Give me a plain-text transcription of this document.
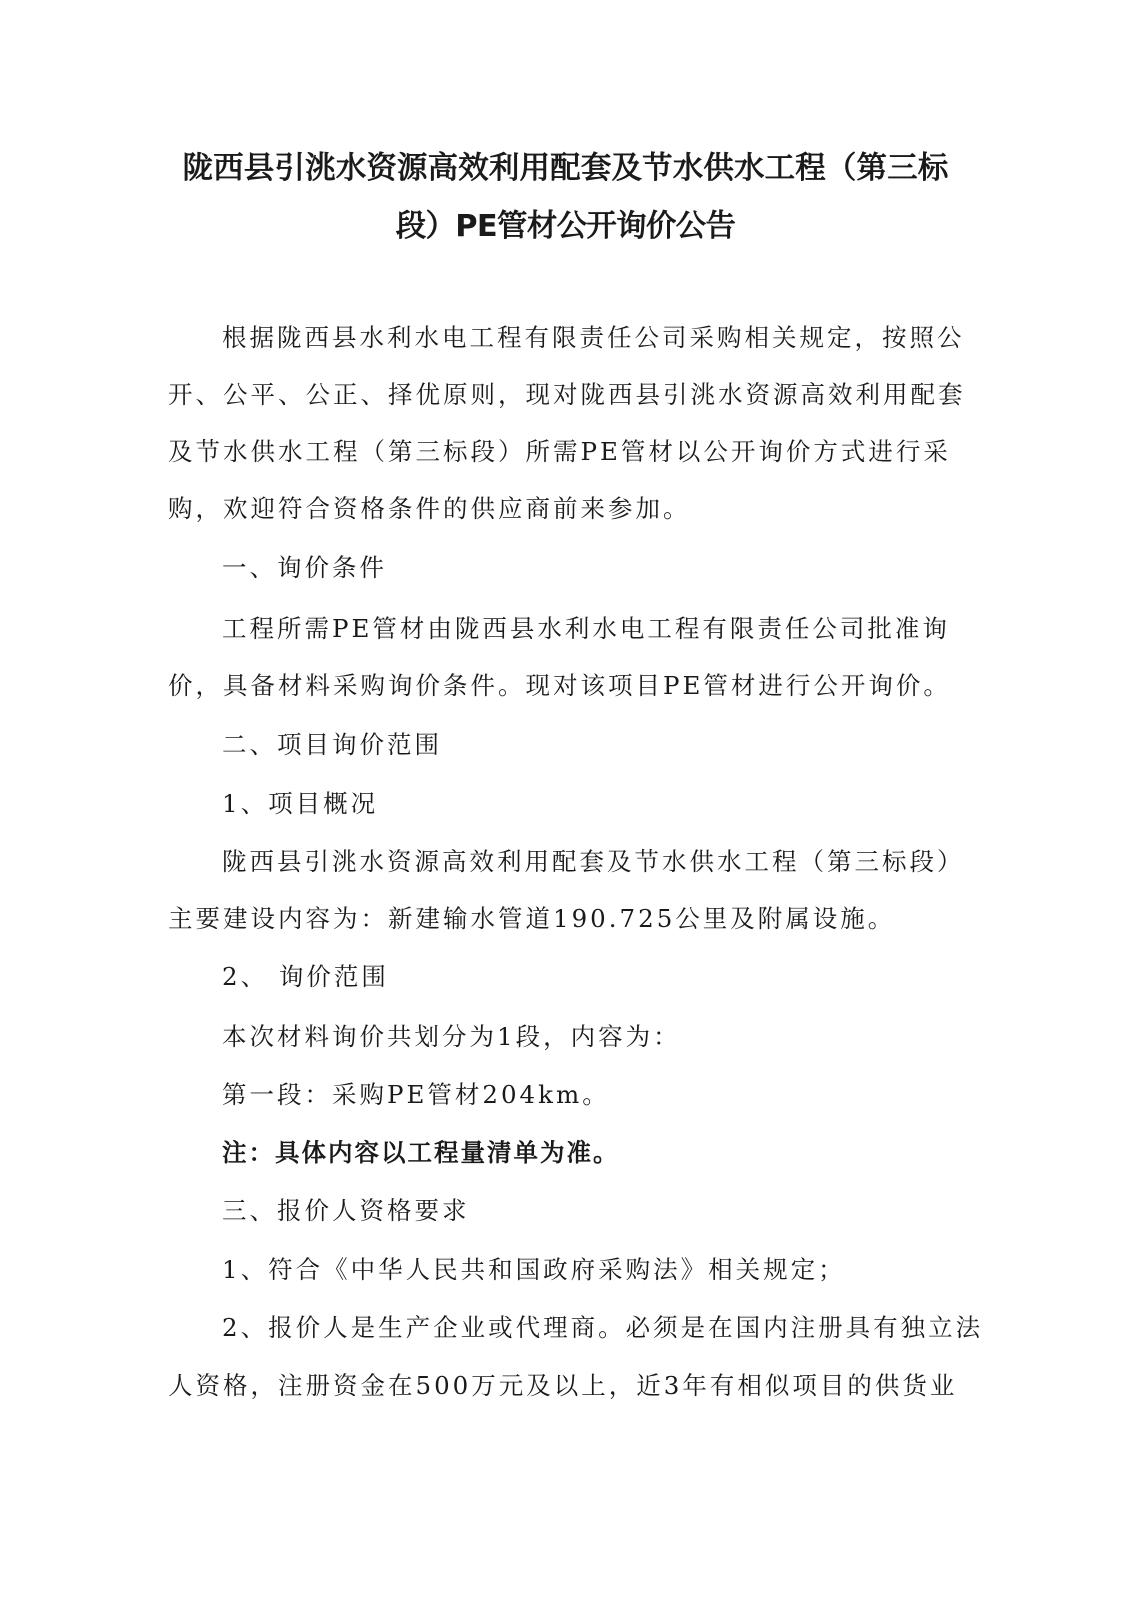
陇西县引洮水资源高效利用配套及节水供水工程（第三标
段）PE管材公开询价公告
根据陇西县水利水电工程有限责任公司采购相关规定，按照公
开、公平、公正、择优原则，现对陇西县引洮水资源高效利用配套
及节水供水工程（第三标段）所需PE管材以公开询价方式进行采
购，欢迎符合资格条件的供应商前来参加。
一、询价条件
工程所需PE管材由陇西县水利水电工程有限责任公司批准询
价，具备材料采购询价条件。现对该项目PE管材进行公开询价。
二、项目询价范围
1、项目概况
陇西县引洮水资源高效利用配套及节水供水工程（第三标段）
主要建设内容为：新建输水管道190.725公里及附属设施。
2、 询价范围
本次材料询价共划分为1段，内容为：
第一段：采购PE管材204km。
注：具体内容以工程量清单为准。
三、报价人资格要求
1、符合《中华人民共和国政府采购法》相关规定；
2、报价人是生产企业或代理商。必须是在国内注册具有独立法
人资格，注册资金在500万元及以上，近3年有相似项目的供货业
